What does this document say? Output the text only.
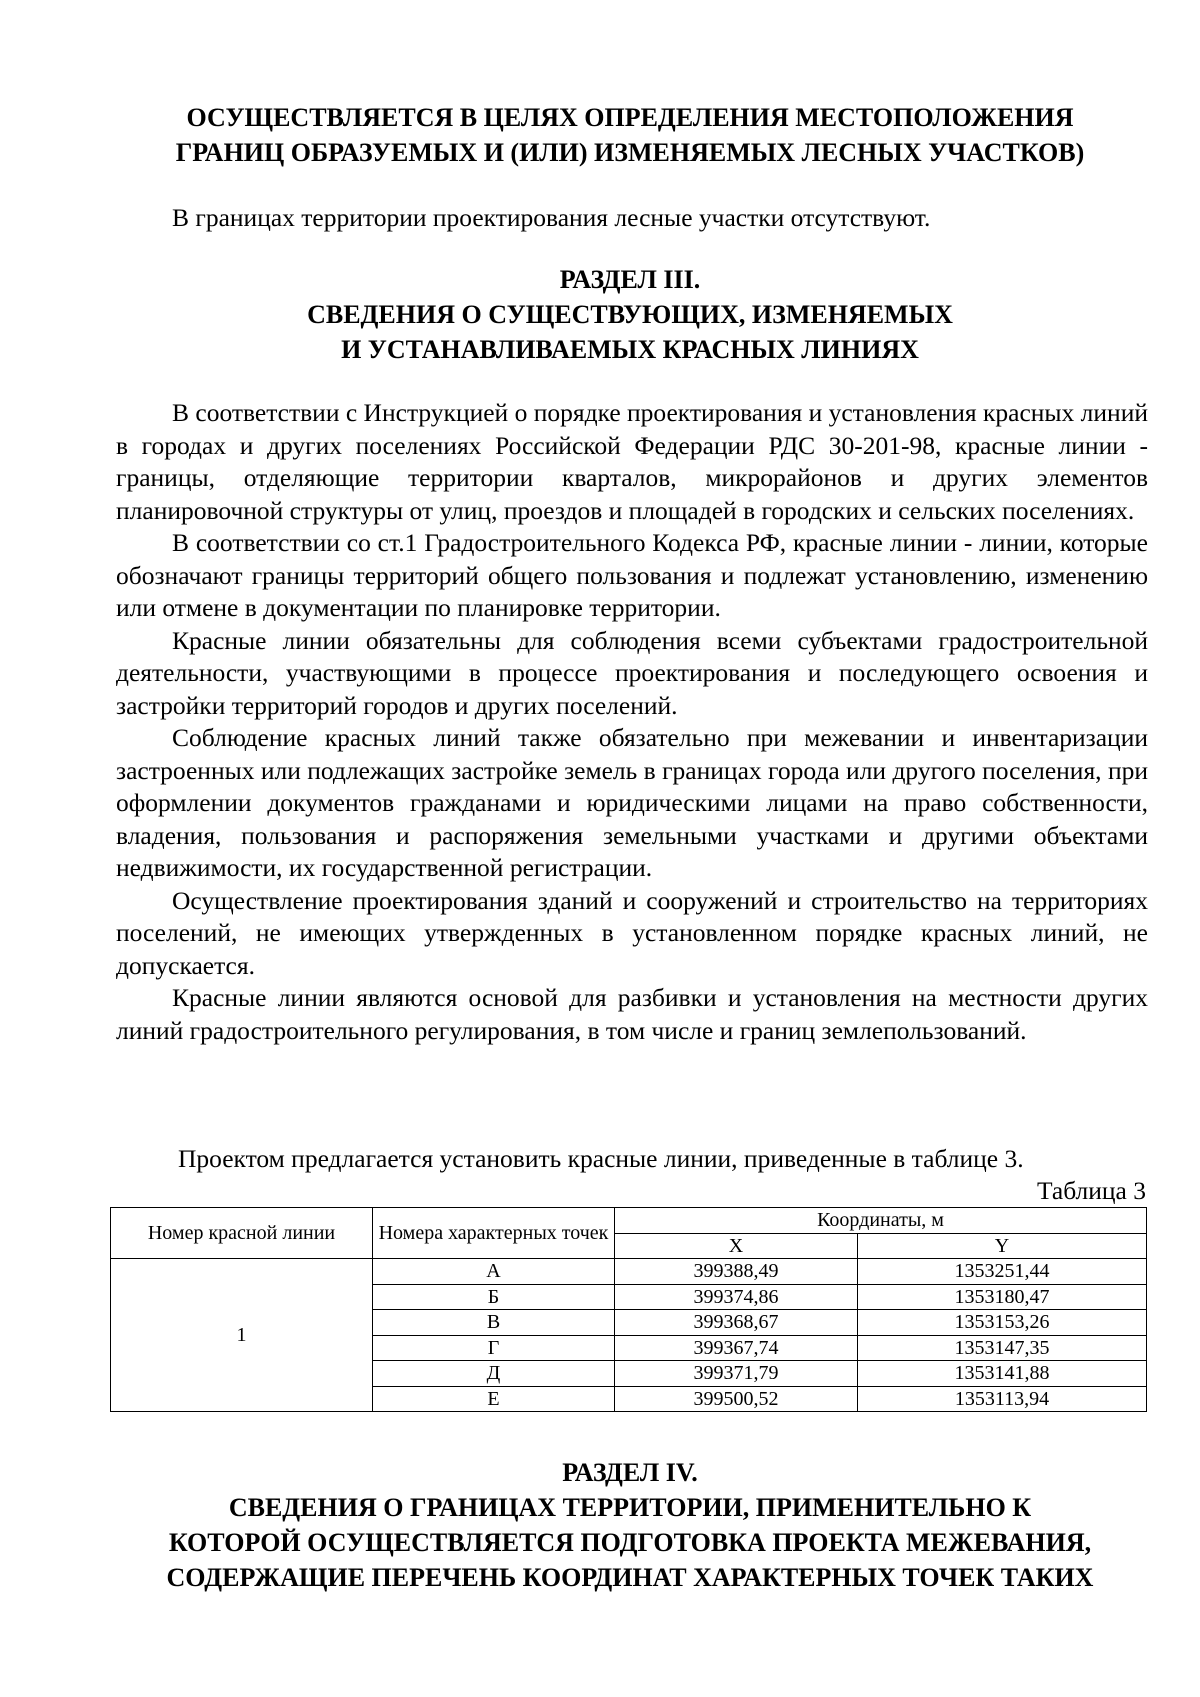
ОСУЩЕСТВЛЯЕТСЯ В ЦЕЛЯХ ОПРЕДЕЛЕНИЯ МЕСТОПОЛОЖЕНИЯ
ГРАНИЦ ОБРАЗУЕМЫХ И (ИЛИ) ИЗМЕНЯЕМЫХ ЛЕСНЫХ УЧАСТКОВ)
В границах территории проектирования лесные участки отсутствуют.
РАЗДЕЛ III.
СВЕДЕНИЯ О СУЩЕСТВУЮЩИХ, ИЗМЕНЯЕМЫХ
И УСТАНАВЛИВАЕМЫХ КРАСНЫХ ЛИНИЯХ

В соответствии с Инструкцией о порядке проектирования и установления красных линий в городах и других поселениях Российской Федерации РДС 30-201-98, красные линии - границы, отделяющие территории кварталов, микрорайонов и других элементов планировочной структуры от улиц, проездов и площадей в городских и сельских поселениях.

В соответствии со ст.1 Градостроительного Кодекса РФ, красные линии - линии, которые обозначают границы территорий общего пользования и подлежат установлению, изменению или отмене в документации по планировке территории.

Красные линии обязательны для соблюдения всеми субъектами градостроительной деятельности, участвующими в процессе проектирования и последующего освоения и застройки территорий городов и других поселений.

Соблюдение красных линий также обязательно при межевании и инвентаризации застроенных или подлежащих застройке земель в границах города или другого поселения, при оформлении документов гражданами и юридическими лицами на право собственности, владения, пользования и распоряжения земельными участками и другими объектами недвижимости, их государственной регистрации.

Осуществление проектирования зданий и сооружений и строительство на территориях поселений, не имеющих утвержденных в установленном порядке красных линий, не допускается.

Красные линии являются основой для разбивки и установления на местности других линий градостроительного регулирования, в том числе и границ землепользований.

Проектом предлагается установить красные линии, приведенные в таблице 3.
Таблица 3
Номер красной линии	Номера характерных точек	Координаты, м	
		X	Y
1	А	399388,49	1353251,44
	Б	399374,86	1353180,47
	В	399368,67	1353153,26
	Г	399367,74	1353147,35
	Д	399371,79	1353141,88
	Е	399500,52	1353113,94
РАЗДЕЛ IV.
СВЕДЕНИЯ О ГРАНИЦАХ ТЕРРИТОРИИ, ПРИМЕНИТЕЛЬНО К
КОТОРОЙ ОСУЩЕСТВЛЯЕТСЯ ПОДГОТОВКА ПРОЕКТА МЕЖЕВАНИЯ,
СОДЕРЖАЩИЕ ПЕРЕЧЕНЬ КООРДИНАТ ХАРАКТЕРНЫХ ТОЧЕК ТАКИХ
